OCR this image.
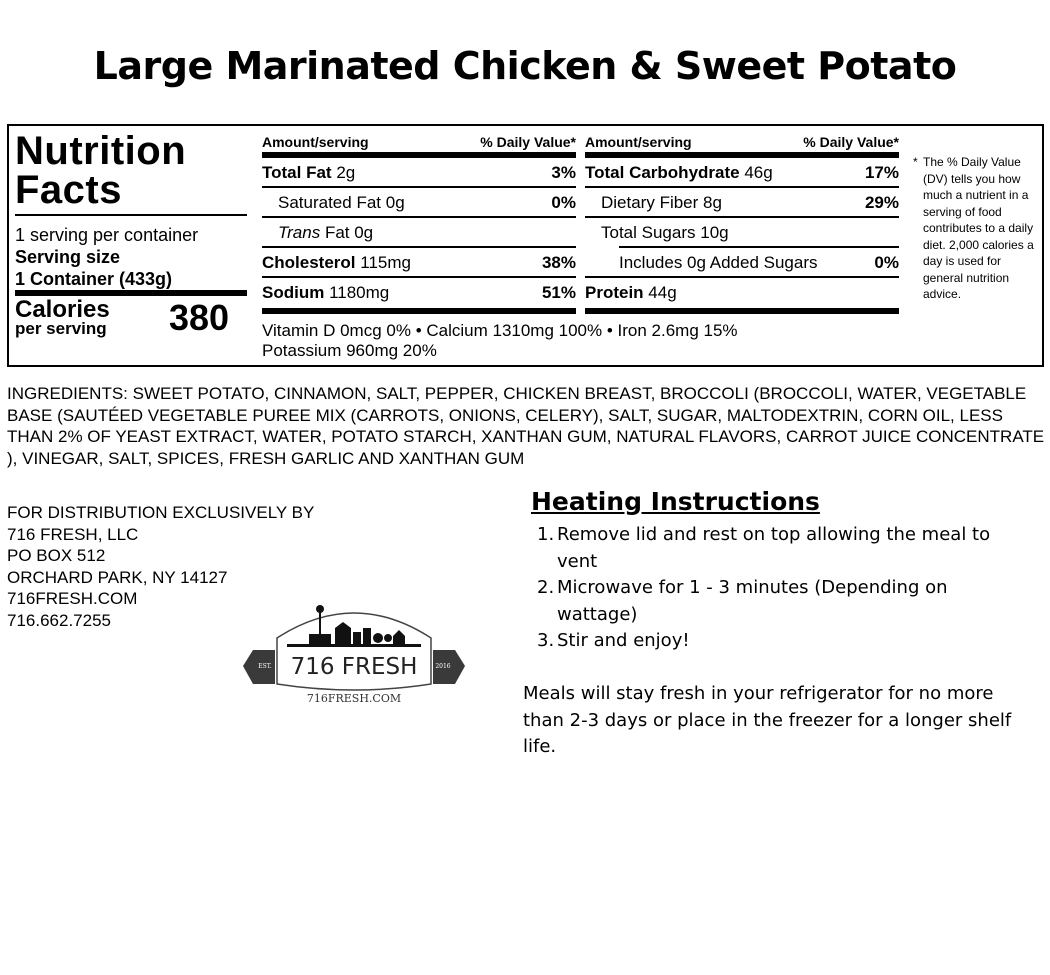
Large Marinated Chicken & Sweet Potato
Nutrition
Facts
1 serving per container
Serving size
1 Container (433g)
Calories
per serving 380
Amount/serving	% Daily Value*
Total Fat 2g	3%
Saturated Fat 0g	0%
Trans Fat 0g
Cholesterol 115mg	38%
Sodium 1180mg	51%
Amount/serving	% Daily Value*
Total Carbohydrate 46g	17%
Dietary Fiber 8g	29%
Total Sugars 10g
Includes 0g Added Sugars	0%
Protein 44g
Vitamin D 0mcg 0% • Calcium 1310mg 100% • Iron 2.6mg 15%
Potassium 960mg 20%
* The % Daily Value (DV) tells you how much a nutrient in a serving of food contributes to a daily diet. 2,000 calories a day is used for general nutrition advice.
INGREDIENTS: SWEET POTATO, CINNAMON, SALT, PEPPER, CHICKEN BREAST, BROCCOLI (BROCCOLI, WATER, VEGETABLE BASE (SAUTÉED VEGETABLE PUREE MIX (CARROTS, ONIONS, CELERY), SALT, SUGAR, MALTODEXTRIN, CORN OIL, LESS THAN 2% OF YEAST EXTRACT, WATER, POTATO STARCH, XANTHAN GUM, NATURAL FLAVORS, CARROT JUICE CONCENTRATE ), VINEGAR, SALT, SPICES, FRESH GARLIC AND XANTHAN GUM
FOR DISTRIBUTION EXCLUSIVELY BY
716 FRESH, LLC
PO BOX 512
ORCHARD PARK, NY 14127
716FRESH.COM
716.662.7255
716 FRESH
EST.	2016
716FRESH.COM
Heating Instructions
1. Remove lid and rest on top allowing the meal to vent
2. Microwave for 1 - 3 minutes (Depending on wattage)
3. Stir and enjoy!
Meals will stay fresh in your refrigerator for no more than 2-3 days or place in the freezer for a longer shelf life.
